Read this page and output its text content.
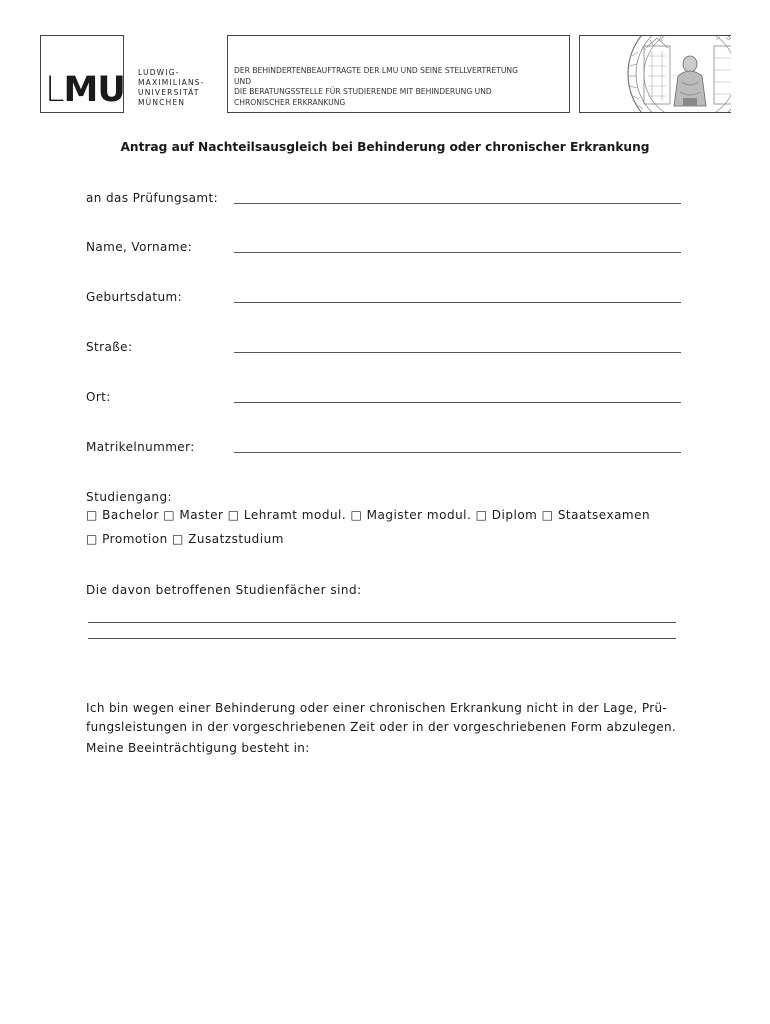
LMU LUDWIG-
MAXIMILIANS-
UNIVERSITÄT
MÜNCHEN
DER BEHINDERTENBEAUFTRAGTE DER LMU UND SEINE STELLVERTRETUNG
UND
DIE BERATUNGSSTELLE FÜR STUDIERENDE MIT BEHINDERUNG UND
CHRONISCHER ERKRANKUNG
Antrag auf Nachteilsausgleich bei Behinderung oder chronischer Erkrankung
an das Prüfungsamt:
Name, Vorname:
Geburtsdatum:
Straße:
Ort:
Matrikelnummer:
Studiengang:
□ Bachelor □ Master □ Lehramt modul. □ Magister modul. □ Diplom □ Staatsexamen
□ Promotion □ Zusatzstudium
Die davon betroffenen Studienfächer sind:
Ich bin wegen einer Behinderung oder einer chronischen Erkrankung nicht in der Lage, Prü-
fungsleistungen in der vorgeschriebenen Zeit oder in der vorgeschriebenen Form abzulegen.
Meine Beeinträchtigung besteht in:
